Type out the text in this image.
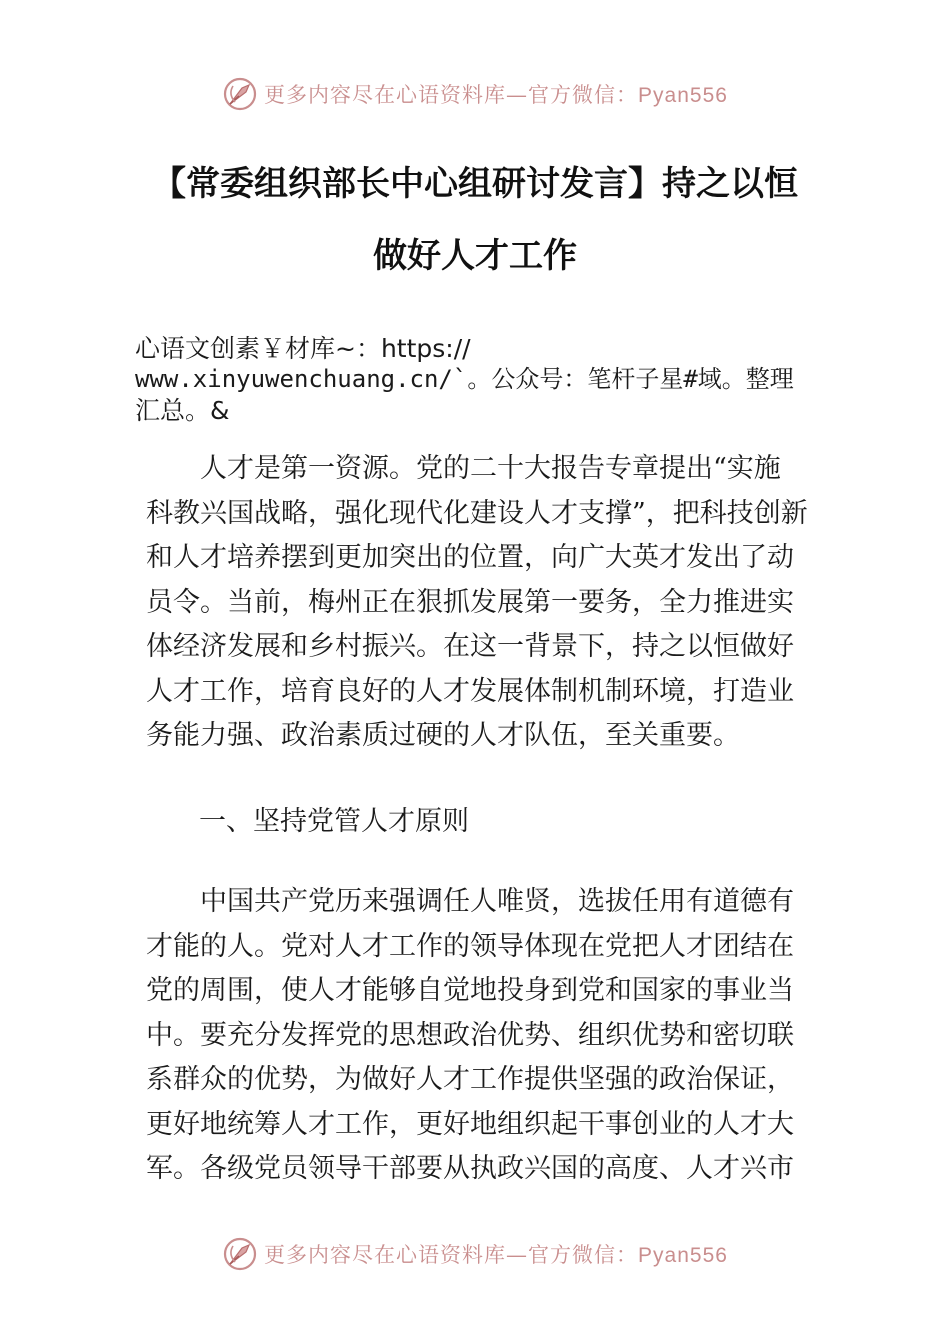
更多内容尽在心语资料库—官方微信：Pyan556
【常委组织部长中心组研讨发言】持之以恒
做好人才工作
心语文创素￥材库~：https://
www.xinyuwenchuang.cn/`。公众号：笔杆子星#域。整理
汇总。&
人才是第一资源。党的二十大报告专章提出“实施
科教兴国战略，强化现代化建设人才支撑”，把科技创新
和人才培养摆到更加突出的位置，向广大英才发出了动
员令。当前，梅州正在狠抓发展第一要务，全力推进实
体经济发展和乡村振兴。在这一背景下，持之以恒做好
人才工作，培育良好的人才发展体制机制环境，打造业
务能力强、政治素质过硬的人才队伍，至关重要。
一、坚持党管人才原则
中国共产党历来强调任人唯贤，选拔任用有道德有
才能的人。党对人才工作的领导体现在党把人才团结在
党的周围，使人才能够自觉地投身到党和国家的事业当
中。要充分发挥党的思想政治优势、组织优势和密切联
系群众的优势，为做好人才工作提供坚强的政治保证，
更好地统筹人才工作，更好地组织起干事创业的人才大
军。各级党员领导干部要从执政兴国的高度、人才兴市
更多内容尽在心语资料库—官方微信：Pyan556
